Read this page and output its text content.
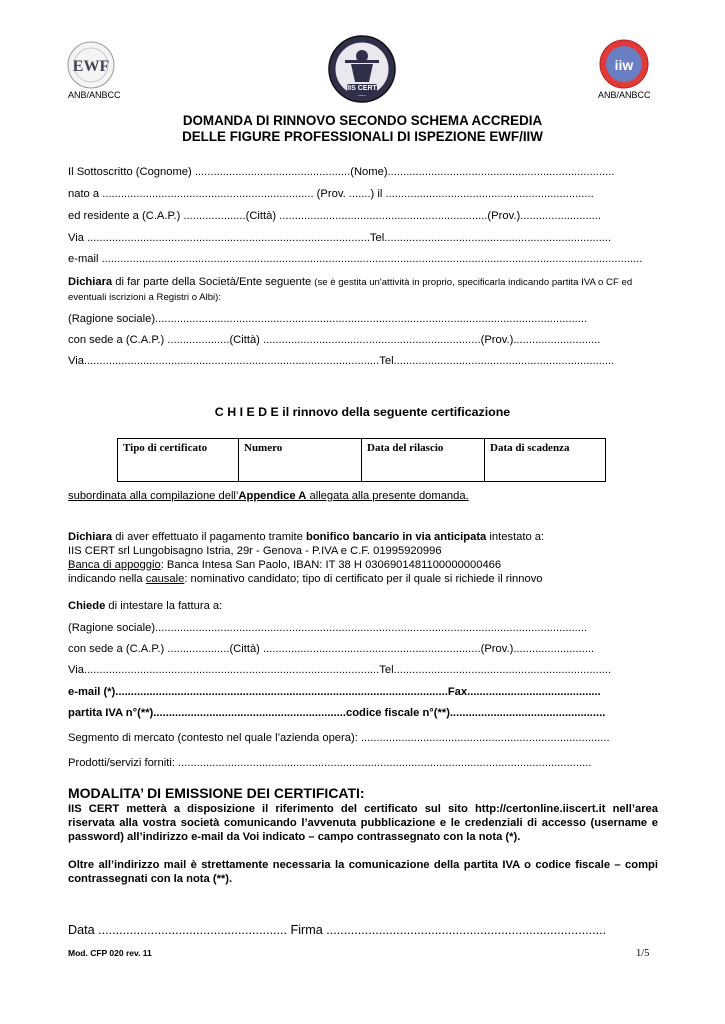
EWF
ANB/ANBCC
IIS CERT
iiw
ANB/ANBCC
DOMANDA DI RINNOVO SECONDO SCHEMA ACCREDIA
DELLE FIGURE PROFESSIONALI DI ISPEZIONE EWF/IIW
Il Sottoscritto (Cognome) ..................................................(Nome).........................................................................
nato a .................................................................... (Prov. .......) il ...................................................................
ed residente a (C.A.P.) ....................(Città) ...................................................................(Prov.)..........................
Via ...........................................................................................Tel.........................................................................
e-mail ..............................................................................................................................................................................
Dichiara di far parte della Società/Ente seguente (se è gestita un'attività in proprio, specificarla indicando partita IVA o CF ed eventuali iscrizioni a Registri o Albi):
(Ragione sociale)...........................................................................................................................................
con sede a (C.A.P.) ....................(Città) ......................................................................(Prov.)............................
Via...............................................................................................Tel.......................................................................
C H I E D E il rinnovo della seguente certificazione
Tipo di certificato	Numero	Data del rilascio	Data di scadenza
subordinata alla compilazione dell’Appendice A allegata alla presente domanda.
Dichiara di aver effettuato il pagamento tramite bonifico bancario in via anticipata intestato a:
IIS CERT srl Lungobisagno Istria, 29r - Genova - P.IVA e C.F. 01995920996
Banca di appoggio: Banca Intesa San Paolo, IBAN: IT 38 H 0306901481100000000466
indicando nella causale: nominativo candidato; tipo di certificato per il quale si richiede il rinnovo
Chiede di intestare la fattura a:
(Ragione sociale)...........................................................................................................................................
con sede a (C.A.P.) ....................(Città) ......................................................................(Prov.)..........................
Via...............................................................................................Tel......................................................................
e-mail (*)...........................................................................................................Fax...........................................
partita IVA n°(**)..............................................................codice fiscale n°(**)..................................................
Segmento di mercato (contesto nel quale l’azienda opera): ................................................................................
Prodotti/servizi forniti: .....................................................................................................................................
MODALITA’ DI EMISSIONE DEI CERTIFICATI:
IIS CERT metterà a disposizione il riferimento del certificato sul sito http://certonline.iiscert.it nell’area riservata alla vostra società comunicando l’avvenuta pubblicazione e le credenziali di accesso (username e password) all’indirizzo e-mail da Voi indicato – campo contrassegnato con la nota (*).
Oltre all’indirizzo mail è strettamente necessaria la comunicazione della partita IVA o codice fiscale – compi contrassegnati con la nota (**).
Data ...................................................... Firma ................................................................................
Mod. CFP 020 rev. 11	1/5
